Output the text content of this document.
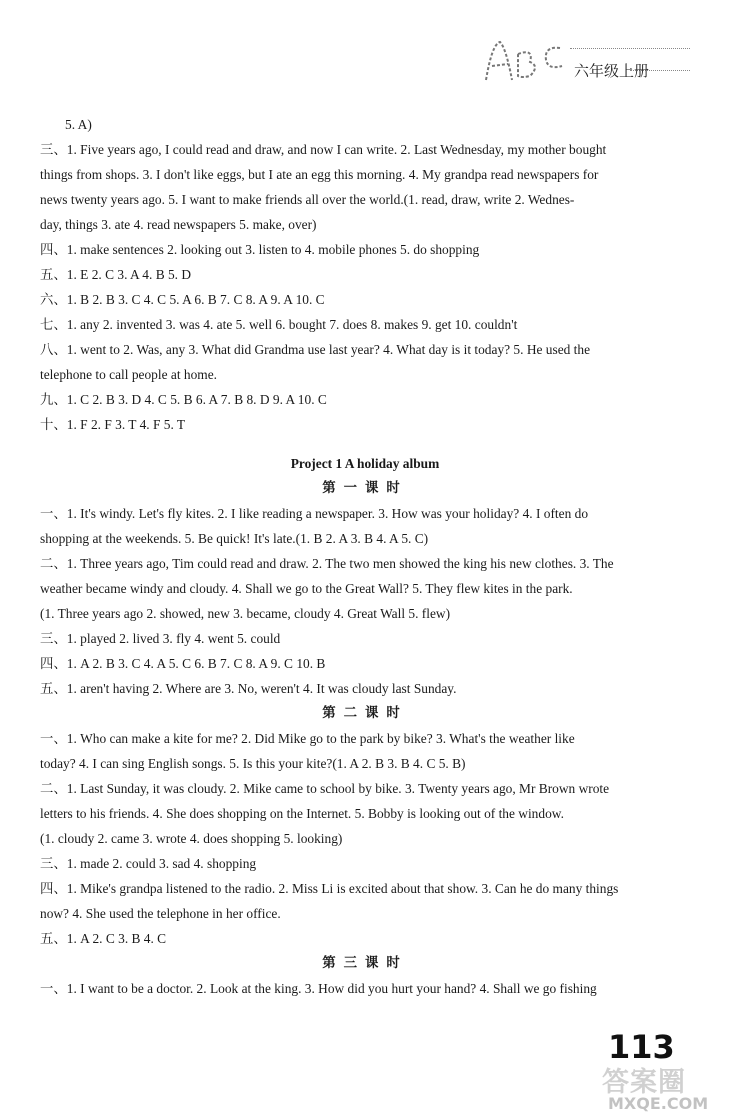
六年级上册
5. A)
三、1. Five years ago, I could read and draw, and now I can write. 2. Last Wednesday, my mother bought
things from shops. 3. I don't like eggs, but I ate an egg this morning. 4. My grandpa read newspapers for
news twenty years ago. 5. I want to make friends all over the world.(1. read, draw, write 2. Wednes-
day, things 3. ate 4. read newspapers 5. make, over)
四、1. make sentences 2. looking out 3. listen to 4. mobile phones 5. do shopping
五、1. E 2. C 3. A 4. B 5. D
六、1. B 2. B 3. C 4. C 5. A 6. B 7. C 8. A 9. A 10. C
七、1. any 2. invented 3. was 4. ate 5. well 6. bought 7. does 8. makes 9. get 10. couldn't
八、1. went to 2. Was, any 3. What did Grandma use last year? 4. What day is it today? 5. He used the
telephone to call people at home.
九、1. C 2. B 3. D 4. C 5. B 6. A 7. B 8. D 9. A 10. C
十、1. F 2. F 3. T 4. F 5. T
Project 1 A holiday album
第一课时
一、1. It's windy. Let's fly kites. 2. I like reading a newspaper. 3. How was your holiday? 4. I often do
shopping at the weekends. 5. Be quick! It's late.(1. B 2. A 3. B 4. A 5. C)
二、1. Three years ago, Tim could read and draw. 2. The two men showed the king his new clothes. 3. The
weather became windy and cloudy. 4. Shall we go to the Great Wall? 5. They flew kites in the park.
(1. Three years ago 2. showed, new 3. became, cloudy 4. Great Wall 5. flew)
三、1. played 2. lived 3. fly 4. went 5. could
四、1. A 2. B 3. C 4. A 5. C 6. B 7. C 8. A 9. C 10. B
五、1. aren't having 2. Where are 3. No, weren't 4. It was cloudy last Sunday.
第二课时
一、1. Who can make a kite for me? 2. Did Mike go to the park by bike? 3. What's the weather like
today? 4. I can sing English songs. 5. Is this your kite?(1. A 2. B 3. B 4. C 5. B)
二、1. Last Sunday, it was cloudy. 2. Mike came to school by bike. 3. Twenty years ago, Mr Brown wrote
letters to his friends. 4. She does shopping on the Internet. 5. Bobby is looking out of the window.
(1. cloudy 2. came 3. wrote 4. does shopping 5. looking)
三、1. made 2. could 3. sad 4. shopping
四、1. Mike's grandpa listened to the radio. 2. Miss Li is excited about that show. 3. Can he do many things
now? 4. She used the telephone in her office.
五、1. A 2. C 3. B 4. C
第三课时
一、1. I want to be a doctor. 2. Look at the king. 3. How did you hurt your hand? 4. Shall we go fishing
113
答案圈
MXQE.COM
